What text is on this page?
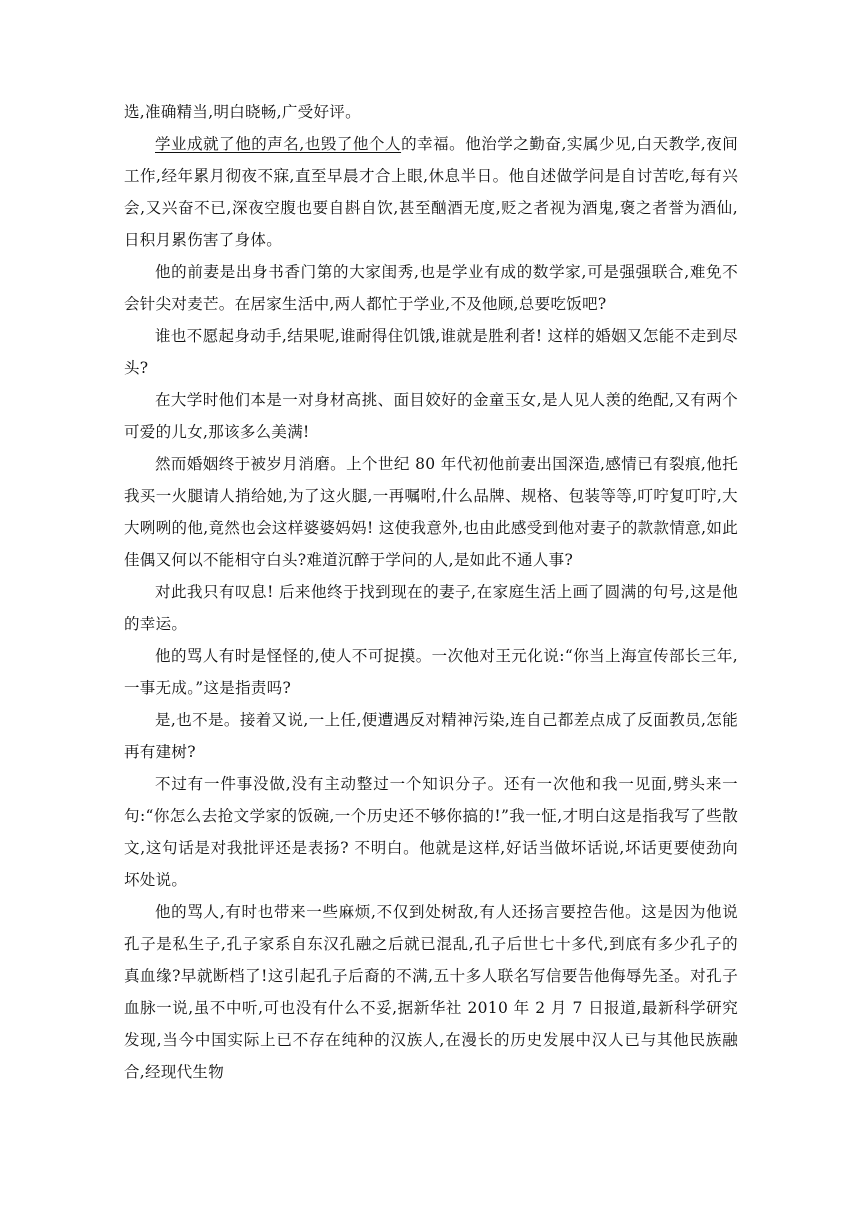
选,准确精当,明白晓畅,广受好评。

学业成就了他的声名,也毁了他个人的幸福。他治学之勤奋,实属少见,白天教学,夜间工作,经年累月彻夜不寐,直至早晨才合上眼,休息半日。他自述做学问是自讨苦吃,每有兴会,又兴奋不已,深夜空腹也要自斟自饮,甚至酗酒无度,贬之者视为酒鬼,褒之者誉为酒仙,日积月累伤害了身体。

他的前妻是出身书香门第的大家闺秀,也是学业有成的数学家,可是强强联合,难免不会针尖对麦芒。在居家生活中,两人都忙于学业,不及他顾,总要吃饭吧?

谁也不愿起身动手,结果呢,谁耐得住饥饿,谁就是胜利者! 这样的婚姻又怎能不走到尽头?

在大学时他们本是一对身材高挑、面目姣好的金童玉女,是人见人羡的绝配,又有两个可爱的儿女,那该多么美满!

然而婚姻终于被岁月消磨。上个世纪 80 年代初他前妻出国深造,感情已有裂痕,他托我买一火腿请人捎给她,为了这火腿,一再嘱咐,什么品牌、规格、包装等等,叮咛复叮咛,大大咧咧的他,竟然也会这样婆婆妈妈! 这使我意外,也由此感受到他对妻子的款款情意,如此佳偶又何以不能相守白头?难道沉醉于学问的人,是如此不通人事?

对此我只有叹息! 后来他终于找到现在的妻子,在家庭生活上画了圆满的句号,这是他的幸运。

他的骂人有时是怪怪的,使人不可捉摸。一次他对王元化说:“你当上海宣传部长三年,一事无成。”这是指责吗?

是,也不是。接着又说,一上任,便遭遇反对精神污染,连自己都差点成了反面教员,怎能再有建树?

不过有一件事没做,没有主动整过一个知识分子。还有一次他和我一见面,劈头来一句:“你怎么去抢文学家的饭碗,一个历史还不够你搞的!”我一怔,才明白这是指我写了些散文,这句话是对我批评还是表扬? 不明白。他就是这样,好话当做坏话说,坏话更要使劲向坏处说。

他的骂人,有时也带来一些麻烦,不仅到处树敌,有人还扬言要控告他。这是因为他说孔子是私生子,孔子家系自东汉孔融之后就已混乱,孔子后世七十多代,到底有多少孔子的真血缘?早就断档了!这引起孔子后裔的不满,五十多人联名写信要告他侮辱先圣。对孔子血脉一说,虽不中听,可也没有什么不妥,据新华社 2010 年 2 月 7 日报道,最新科学研究发现,当今中国实际上已不存在纯种的汉族人,在漫长的历史发展中汉人已与其他民族融合,经现代生物
